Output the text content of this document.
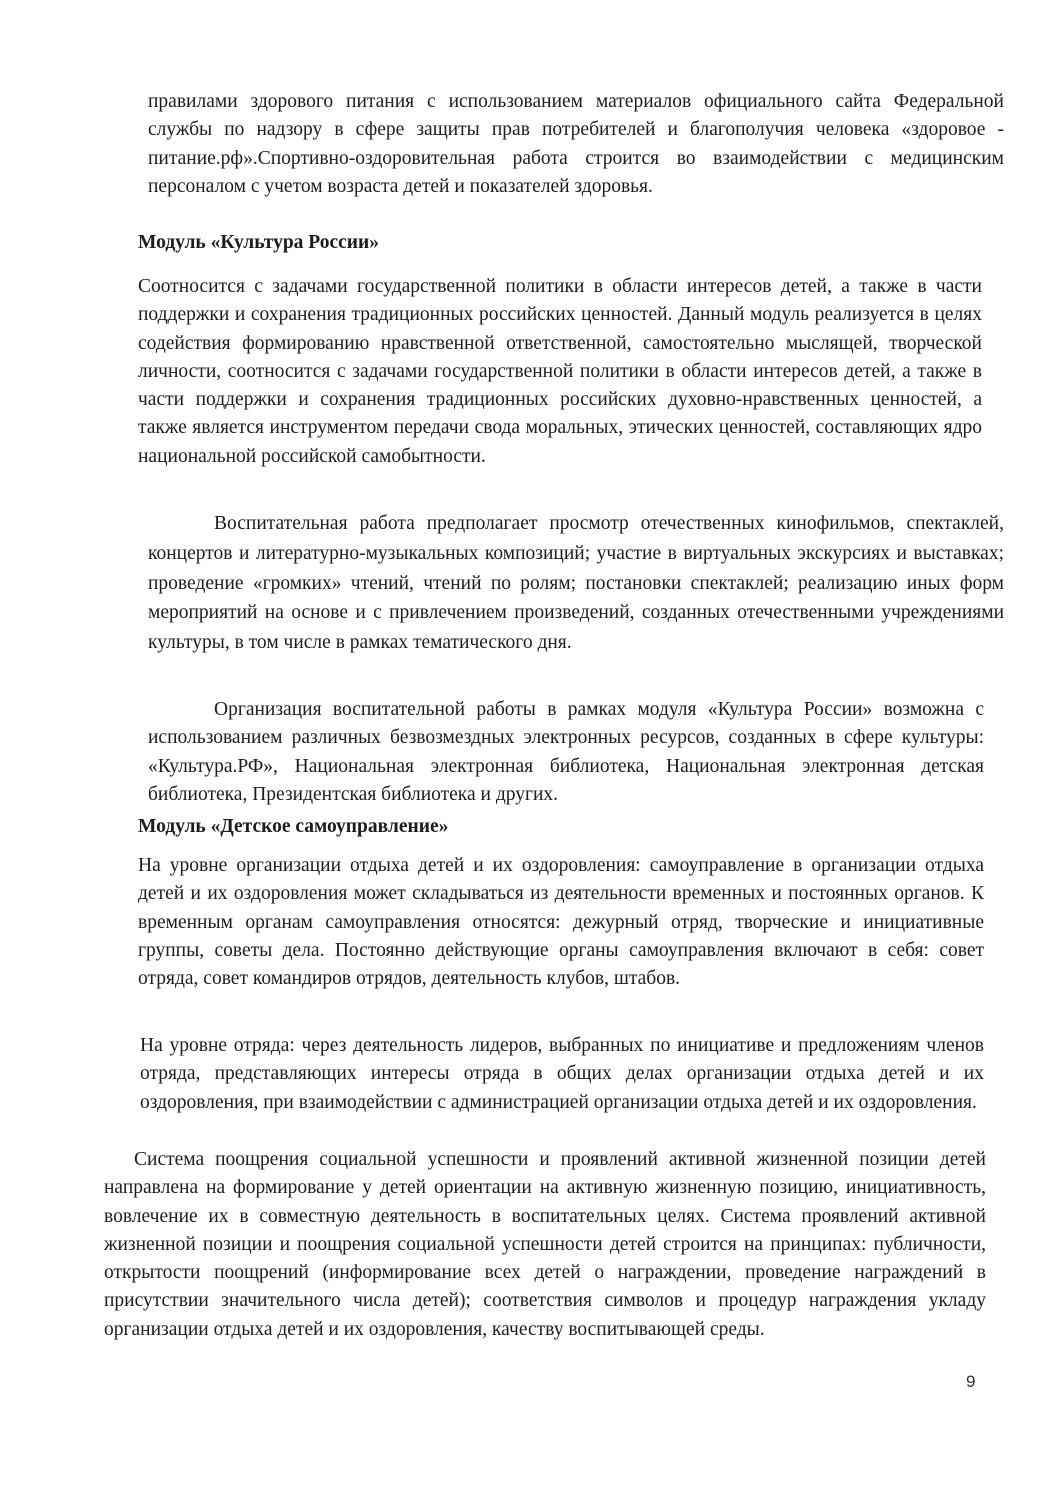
правилами здорового питания с использованием материалов официального сайта Федеральной службы по надзору в сфере защиты прав потребителей и благополучия человека «здоровое - питание.рф».Спортивно-оздоровительная работа строится во взаимодействии с медицинским персоналом с учетом возраста детей и показателей здоровья.

Модуль «Культура России»

Соотносится с задачами государственной политики в области интересов детей, а также в части поддержки и сохранения традиционных российских ценностей. Данный модуль реализуется в целях содействия формированию нравственной ответственной, самостоятельно мыслящей, творческой личности, соотносится с задачами государственной политики в области интересов детей, а также в части поддержки и сохранения традиционных российских духовно-нравственных ценностей, а также является инструментом передачи свода моральных, этических ценностей, составляющих ядро национальной российской самобытности.

Воспитательная работа предполагает просмотр отечественных кинофильмов, спектаклей, концертов и литературно-музыкальных композиций; участие в виртуальных экскурсиях и выставках; проведение «громких» чтений, чтений по ролям; постановки спектаклей; реализацию иных форм мероприятий на основе и с привлечением произведений, созданных отечественными учреждениями культуры, в том числе в рамках тематического дня.

Организация воспитательной работы в рамках модуля «Культура России» возможна с использованием различных безвозмездных электронных ресурсов, созданных в сфере культуры: «Культура.РФ», Национальная электронная библиотека, Национальная электронная детская библиотека, Президентская библиотека и других.

Модуль «Детское самоуправление»

На уровне организации отдыха детей и их оздоровления: самоуправление в организации отдыха детей и их оздоровления может складываться из деятельности временных и постоянных органов. К временным органам самоуправления относятся: дежурный отряд, творческие и инициативные группы, советы дела. Постоянно действующие органы самоуправления включают в себя: совет отряда, совет командиров отрядов, деятельность клубов, штабов.

На уровне отряда: через деятельность лидеров, выбранных по инициативе и предложениям членов отряда, представляющих интересы отряда в общих делах организации отдыха детей и их оздоровления, при взаимодействии с администрацией организации отдыха детей и их оздоровления.

Система поощрения социальной успешности и проявлений активной жизненной позиции детей направлена на формирование у детей ориентации на активную жизненную позицию, инициативность, вовлечение их в совместную деятельность в воспитательных целях. Система проявлений активной жизненной позиции и поощрения социальной успешности детей строится на принципах: публичности, открытости поощрений (информирование всех детей о награждении, проведение награждений в присутствии значительного числа детей); соответствия символов и процедур награждения укладу организации отдыха детей и их оздоровления, качеству воспитывающей среды.

9
